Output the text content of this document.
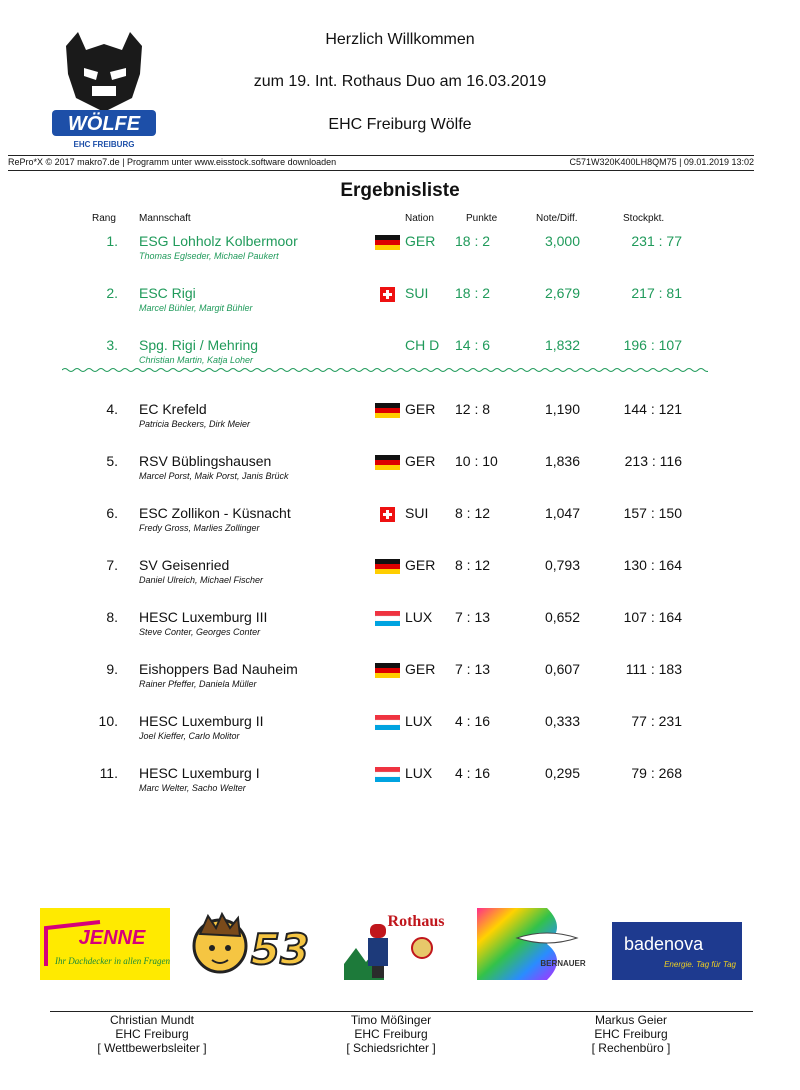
WÖLFE
EHC FREIBURG
Herzlich Willkommen
zum 19. Int. Rothaus Duo am 16.03.2019
EHC Freiburg Wölfe
RePro*X © 2017 makro7.de | Programm unter www.eisstock.software downloaden	C571W320K400LH8QM75 | 09.01.2019 13:02
Ergebnisliste
Rang Mannschaft	Nation	Punkte	Note/Diff.	Stockpkt.
1. ESG Lohholz Kolbermoor
Thomas Eglseder, Michael Paukert
GER 18 : 2	3,000	231 : 77
2. ESC Rigi
Marcel Bühler, Margit Bühler
SUI 18 : 2	2,679	217 : 81
3. Spg. Rigi / Mehring
Christian Martin, Katja Loher
CH D 14 : 6	1,832	196 : 107
4. EC Krefeld
Patricia Beckers, Dirk Meier
GER 12 : 8	1,190	144 : 121
5. RSV Büblingshausen
Marcel Porst, Maik Porst, Janis Brück
GER 10 : 10	1,836	213 : 116
6. ESC Zollikon - Küsnacht
Fredy Gross, Marlies Zollinger
SUI 8 : 12	1,047	157 : 150
7. SV Geisenried
Daniel Ulreich, Michael Fischer
GER 8 : 12	0,793	130 : 164
8. HESC Luxemburg III
Steve Conter, Georges Conter
LUX 7 : 13	0,652	107 : 164
9. Eishoppers Bad Nauheim
Rainer Pfeffer, Daniela Müller
GER 7 : 13	0,607	111 : 183
10. HESC Luxemburg II
Joel Kieffer, Carlo Molitor
LUX 4 : 16	0,333	77 : 231
11. HESC Luxemburg I
Marc Welter, Sacho Welter
LUX 4 : 16	0,295	79 : 268
JENNE
Ihr Dachdecker in allen Fragen! 53
Rothaus
BERNAUER
badenova
Energie. Tag für Tag
Christian Mundt
EHC Freiburg
[ Wettbewerbsleiter ]
Timo Mößinger
EHC Freiburg
[ Schiedsrichter ]
Markus Geier
EHC Freiburg
[ Rechenbüro ]
